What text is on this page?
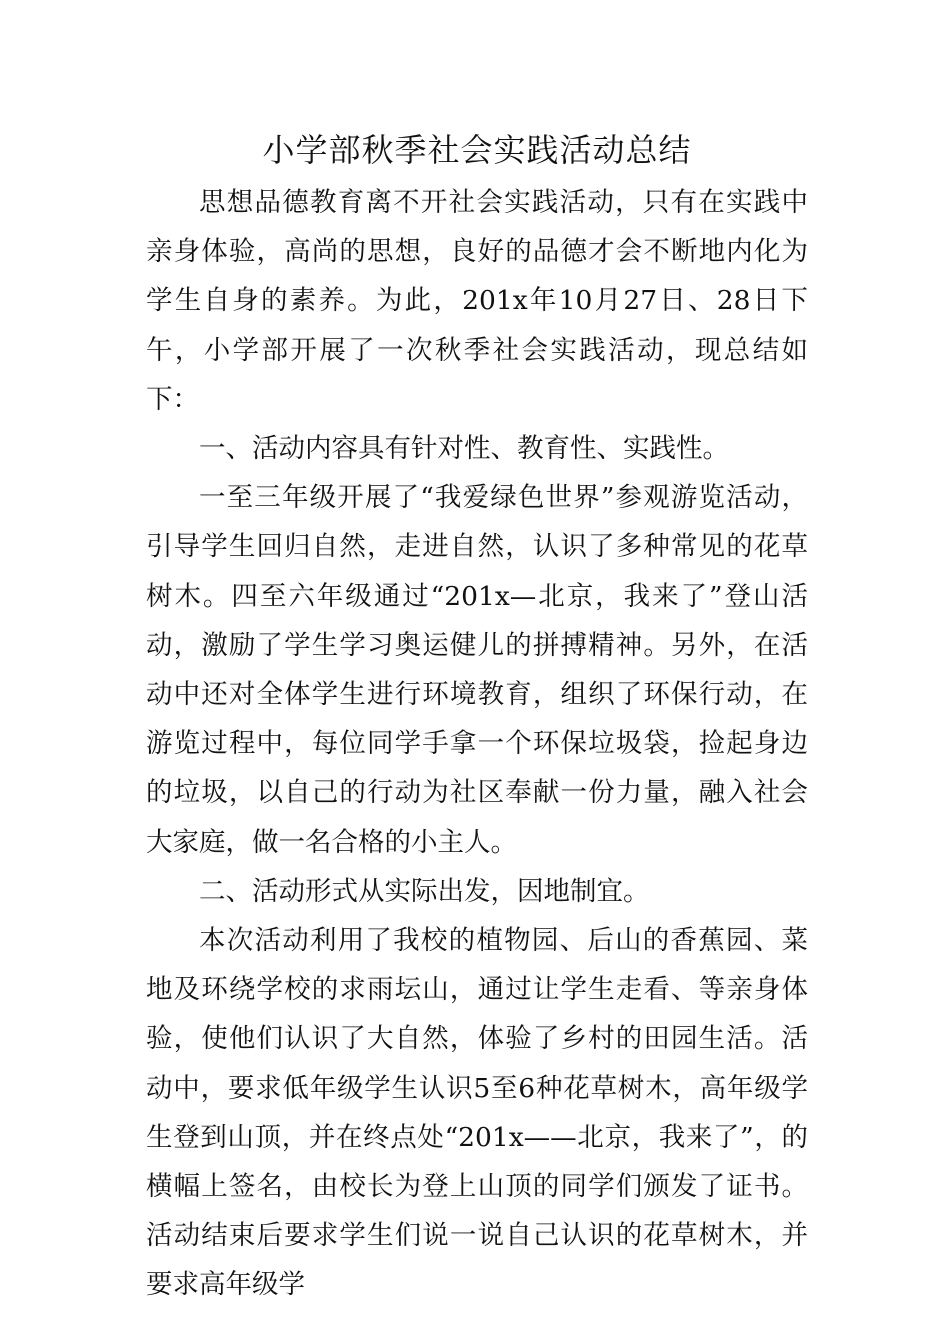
小学部秋季社会实践活动总结

思想品德教育离不开社会实践活动，只有在实践中亲身体验，高尚的思想，良好的品德才会不断地内化为学生自身的素养。为此，201x年10月27日、28日下午，小学部开展了一次秋季社会实践活动，现总结如下：

一、活动内容具有针对性、教育性、实践性。

一至三年级开展了“我爱绿色世界”参观游览活动，引导学生回归自然，走进自然，认识了多种常见的花草树木。四至六年级通过“201x—北京，我来了”登山活动，激励了学生学习奥运健儿的拼搏精神。另外，在活动中还对全体学生进行环境教育，组织了环保行动，在游览过程中，每位同学手拿一个环保垃圾袋，捡起身边的垃圾，以自己的行动为社区奉献一份力量，融入社会大家庭，做一名合格的小主人。

二、活动形式从实际出发，因地制宜。

本次活动利用了我校的植物园、后山的香蕉园、菜地及环绕学校的求雨坛山，通过让学生走看、等亲身体验，使他们认识了大自然，体验了乡村的田园生活。活动中，要求低年级学生认识5至6种花草树木，高年级学生登到山顶，并在终点处“201x——北京，我来了”，的横幅上签名，由校长为登上山顶的同学们颁发了证书。活动结束后要求学生们说一说自己认识的花草树木，并要求高年级学
